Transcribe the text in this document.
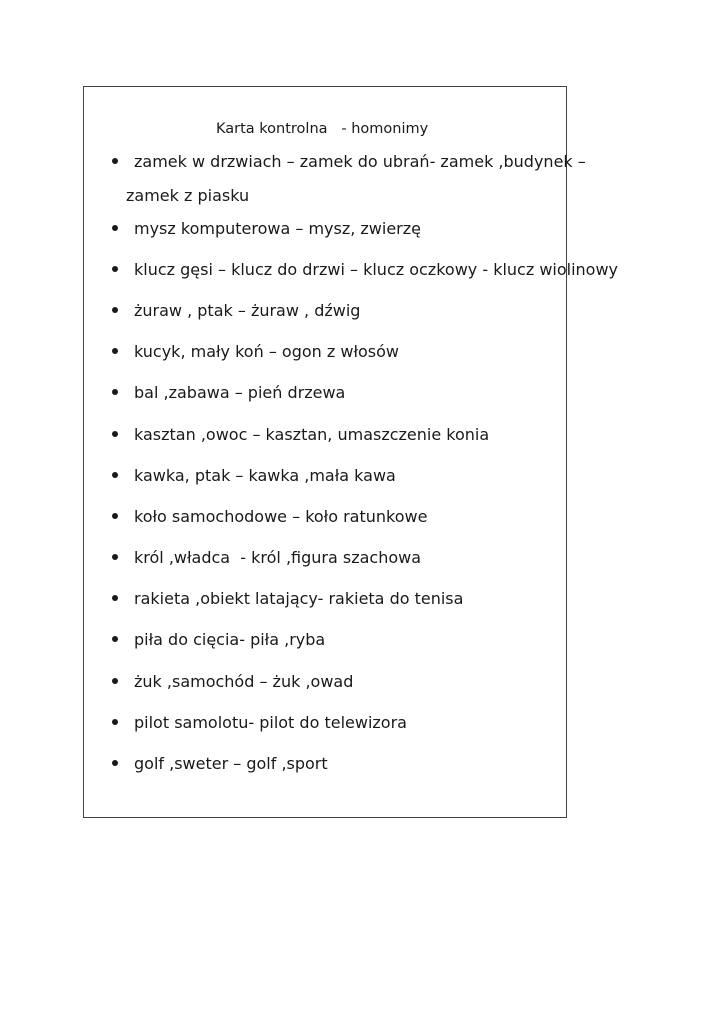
Karta kontrolna   - homonimy
zamek w drzwiach – zamek do ubrań- zamek ,budynek –
zamek z piasku
mysz komputerowa – mysz, zwierzę
klucz gęsi – klucz do drzwi – klucz oczkowy - klucz wiolinowy
żuraw , ptak – żuraw , dźwig
kucyk, mały koń – ogon z włosów
bal ,zabawa – pień drzewa
kasztan ,owoc – kasztan, umaszczenie konia
kawka, ptak – kawka ,mała kawa
koło samochodowe – koło ratunkowe
król ,władca  - król ,figura szachowa
rakieta ,obiekt latający- rakieta do tenisa
piła do cięcia- piła ,ryba
żuk ,samochód – żuk ,owad
pilot samolotu- pilot do telewizora
golf ,sweter – golf ,sport
